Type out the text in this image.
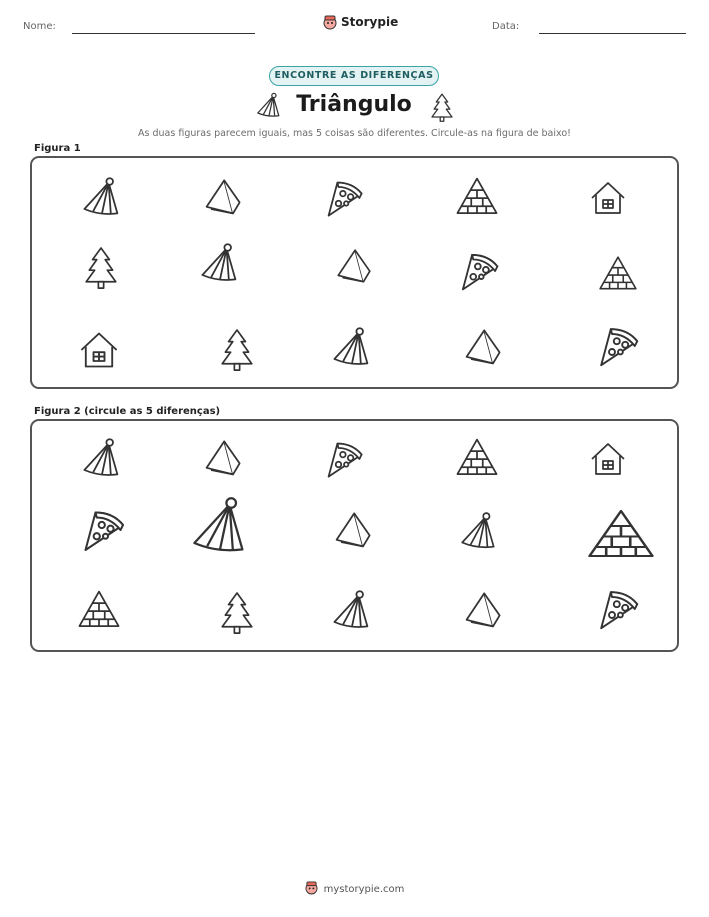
Nome:	Storypie	Data:
ENCONTRE AS DIFERENÇAS
Triângulo
As duas figuras parecem iguais, mas 5 coisas são diferentes. Circule-as na figura de baixo!
Figura 1
Figura 2 (circule as 5 diferenças)
mystorypie.com
